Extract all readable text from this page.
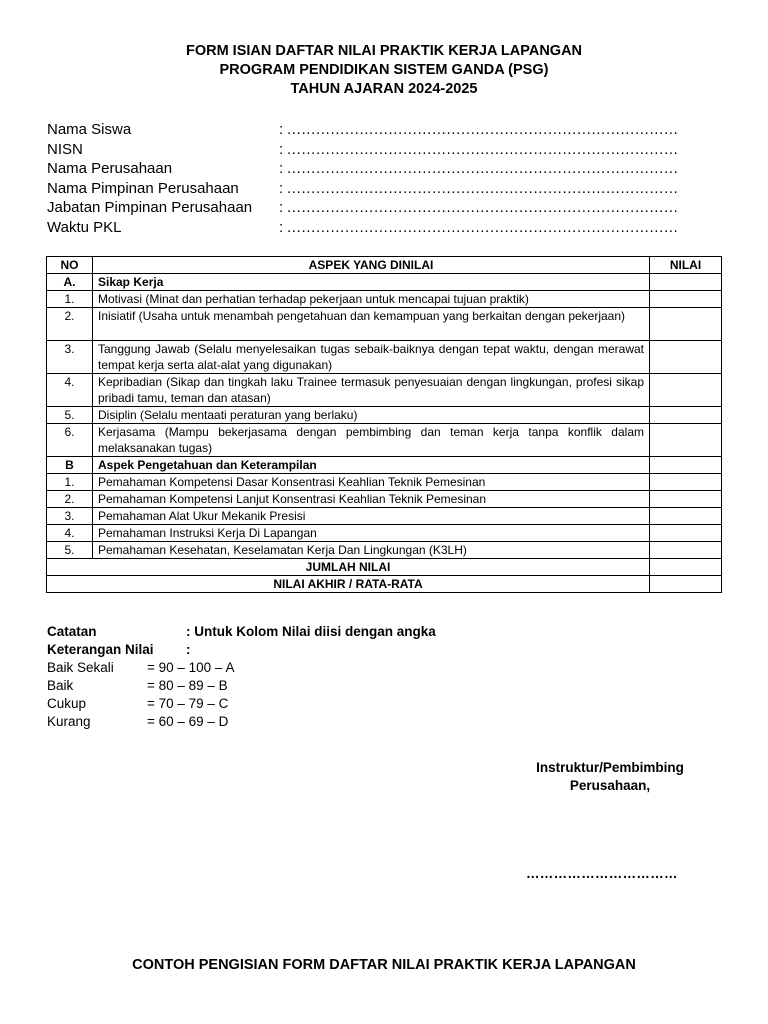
FORM ISIAN DAFTAR NILAI PRAKTIK KERJA LAPANGAN
PROGRAM PENDIDIKAN SISTEM GANDA (PSG)
TAHUN AJARAN 2024-2025
Nama Siswa	: ………………………………………………………………………
NISN	: ………………………………………………………………………
Nama Perusahaan	: ………………………………………………………………………
Nama Pimpinan Perusahaan	: ………………………………………………………………………
Jabatan Pimpinan Perusahaan : ………………………………………………………………………
Waktu PKL	: ………………………………………………………………………
NO	ASPEK YANG DINILAI	NILAI
A.	Sikap Kerja	
1.	Motivasi (Minat dan perhatian terhadap pekerjaan untuk mencapai tujuan praktik)	
2.	Inisiatif (Usaha untuk menambah pengetahuan dan kemampuan yang berkaitan dengan pekerjaan)	
3.	Tanggung Jawab (Selalu menyelesaikan tugas sebaik-baiknya dengan tepat waktu, dengan merawat tempat kerja serta alat-alat yang digunakan)	
4.	Kepribadian (Sikap dan tingkah laku Trainee termasuk penyesuaian dengan lingkungan, profesi sikap pribadi tamu, teman dan atasan)	
5.	Disiplin (Selalu mentaati peraturan yang berlaku)	
6.	Kerjasama (Mampu bekerjasama dengan pembimbing dan teman kerja tanpa konflik dalam melaksanakan tugas)	
B	Aspek Pengetahuan dan Keterampilan	
1.	Pemahaman Kompetensi Dasar Konsentrasi Keahlian Teknik Pemesinan	
2.	Pemahaman Kompetensi Lanjut Konsentrasi Keahlian Teknik Pemesinan	
3.	Pemahaman Alat Ukur Mekanik Presisi	
4.	Pemahaman Instruksi Kerja Di Lapangan	
5.	Pemahaman Kesehatan, Keselamatan Kerja Dan Lingkungan (K3LH)	
JUMLAH NILAI		
NILAI AKHIR / RATA-RATA		
Catatan	: Untuk Kolom Nilai diisi dengan angka
Keterangan Nilai :
Baik Sekali = 90 – 100 – A
Baik	= 80 – 89 – B
Cukup	= 70 – 79 – C
Kurang	= 60 – 69 – D
Instruktur/Pembimbing
Perusahaan,
……………………………
CONTOH PENGISIAN FORM DAFTAR NILAI PRAKTIK KERJA LAPANGAN
